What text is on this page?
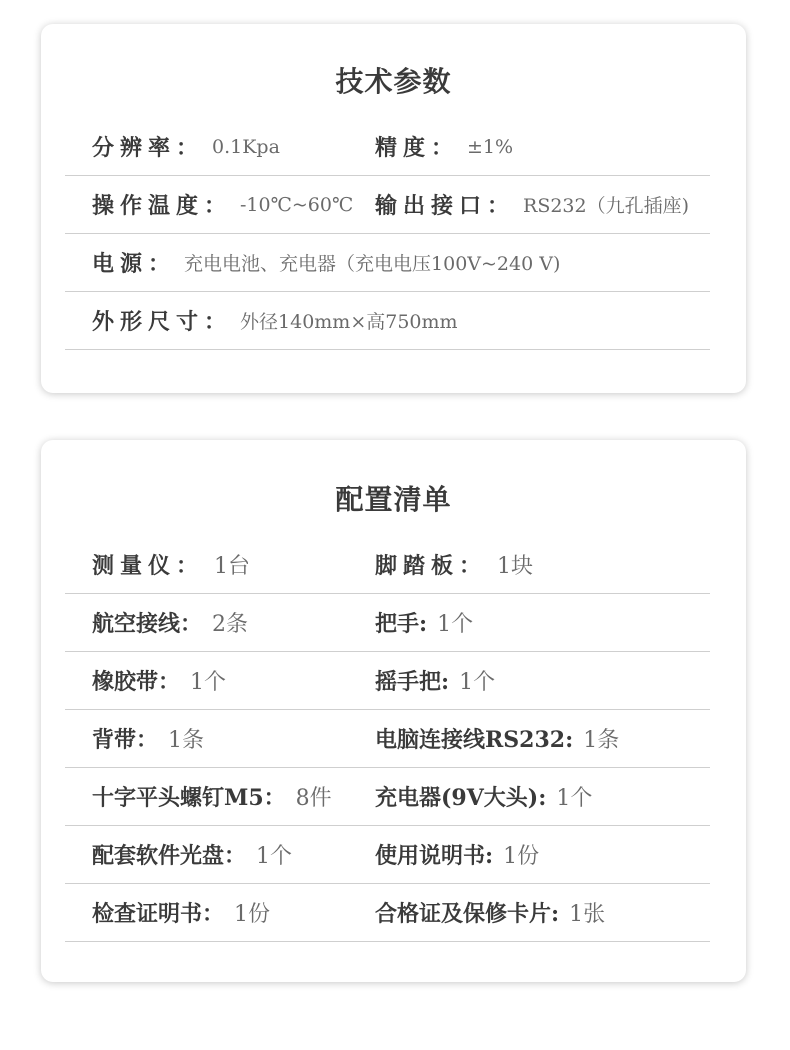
技术参数
分辨率： 0.1Kpa	精度： ±1%
操作温度： -10℃~60℃ 输出接口： RS232（九孔插座)
电源： 充电电池、充电器（充电电压100V~240 V)
外形尺寸： 外径140mm×高750mm
配置清单
测量仪： 1台	脚踏板： 1块
航空接线： 2条	把手: 1个
橡胶带： 1个	摇手把: 1个
背带： 1条	电脑连接线RS232: 1条
十字平头螺钉M5： 8件 充电器(9V大头): 1个
配套软件光盘： 1个	使用说明书: 1份
检查证明书： 1份	合格证及保修卡片: 1张
